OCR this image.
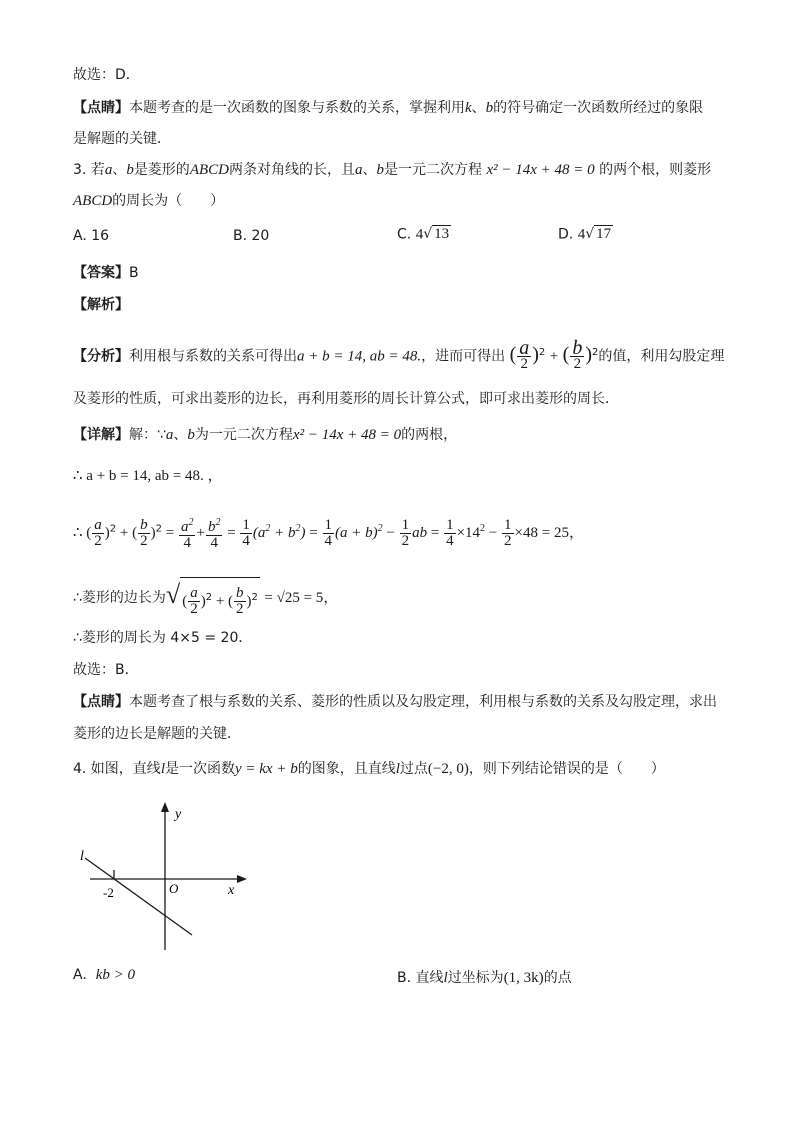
故选：D．
【点睛】本题考查的是一次函数的图象与系数的关系，掌握利用k、b的符号确定一次函数所经过的象限
是解题的关键．
3. 若a、b是菱形的ABCD两条对角线的长，且a、b是一元二次方程 x² − 14x + 48 = 0 的两个根，则菱形
ABCD的周长为（　　）
A. 16	B. 20	C. 4√ 13	D. 4√ 17
【答案】B
【解析】
【分析】利用根与系数的关系可得出a + b = 14, ab = 48.，进而可得出 ( $\frac{a}{2} )^2$ + ( $\frac{b}{2} )^2$的值，利用勾股定理
及菱形的性质，可求出菱形的边长，再利用菱形的周长计算公式，即可求出菱形的周长．
【详解】解：∵a、b为一元二次方程x² − 14x + 48 = 0的两根，
∴ a + b = 14, ab = 48. ，
∴ ( $\frac{a}{2} )^2$ + ( $\frac{b}{2} )^2 = \frac{a^2}{4} + \frac{b^2}{4} = \frac{1}{4} (a^2 + b^2) = \frac{1}{4} (a + b)^2 - \frac{1}{2}$ ab = $\frac{1}{4} \times 14^2 - \frac{1}{2} \times 48 = 25$，
∴菱形的边长为√ ( $\frac{a}{2} )^2$ + ( $\frac{b}{2} )^2 = √25 = 5$，
∴菱形的周长为 4×5 = 20．
故选：B．
【点睛】本题考查了根与系数的关系、菱形的性质以及勾股定理，利用根与系数的关系及勾股定理，求出
菱形的边长是解题的关键．
4. 如图，直线l是一次函数y = kx + b的图象，且直线l过点(−2, 0)，则下列结论错误的是（　　）
y
x
O
l
-2
A. kb > 0	B. 直线l过坐标为(1, 3k)的点
